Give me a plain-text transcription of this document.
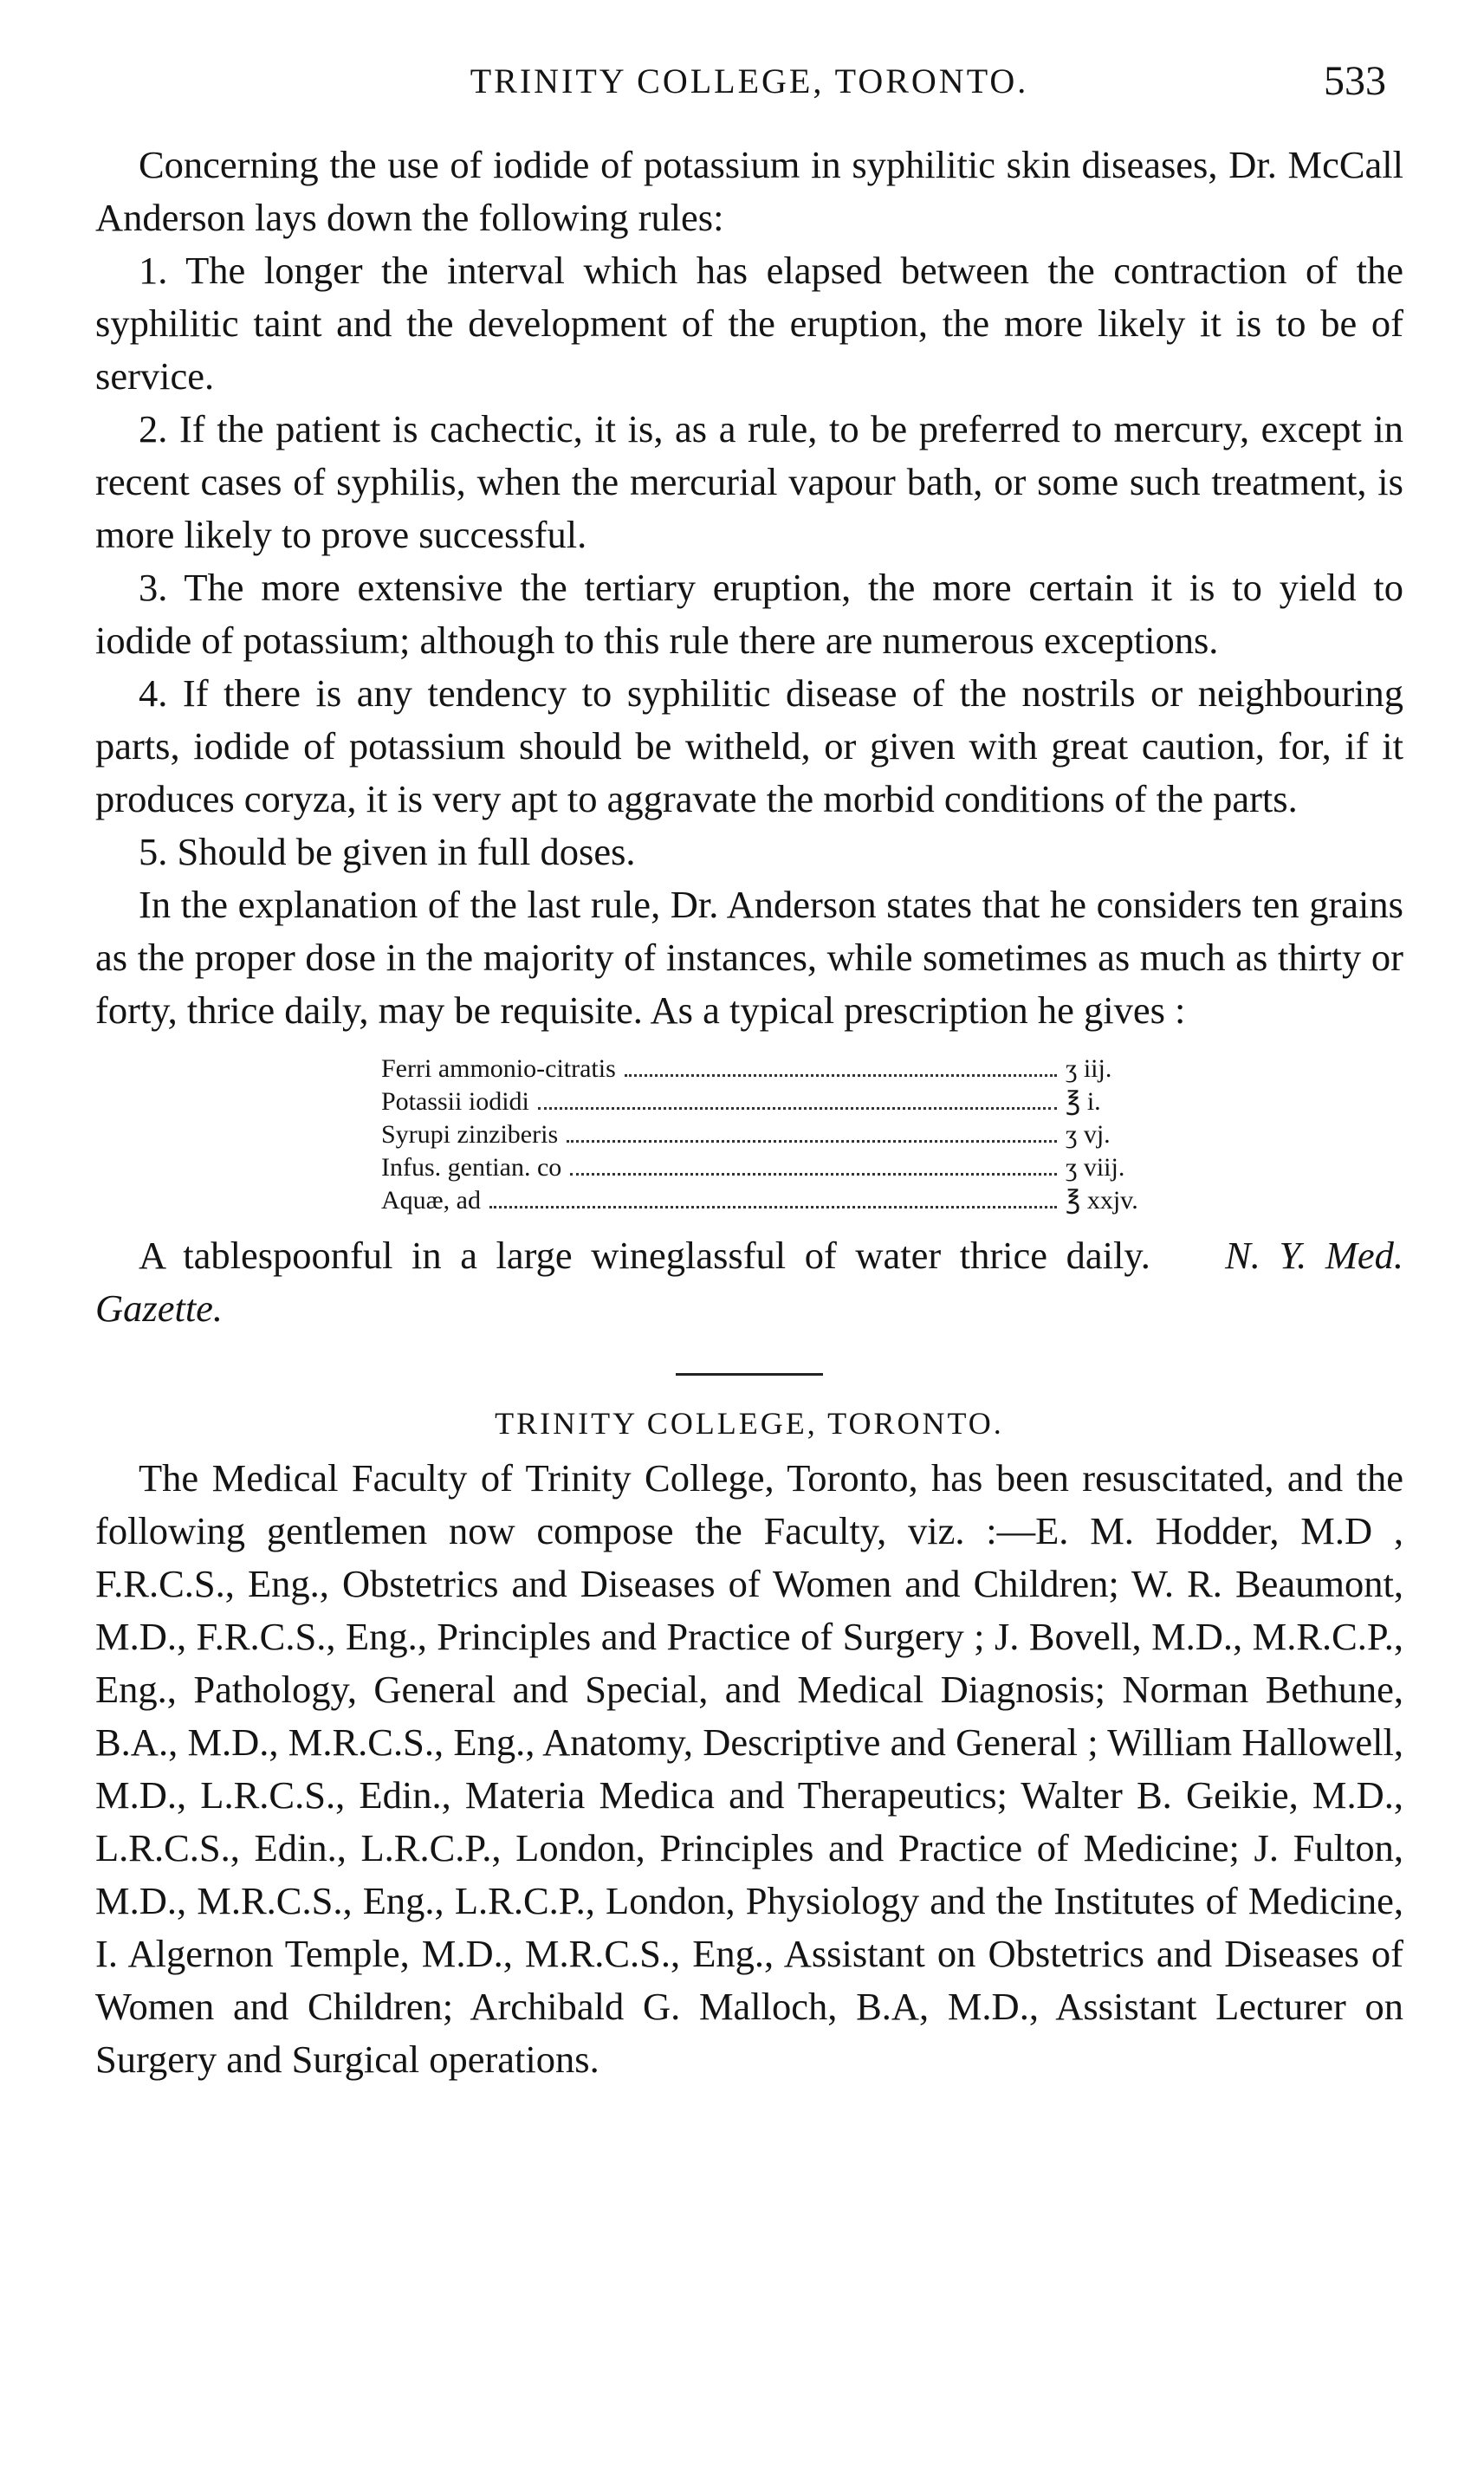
TRINITY COLLEGE, TORONTO.	533

Concerning the use of iodide of potassium in syphilitic skin diseases, Dr. McCall Anderson lays down the following rules:

1. The longer the interval which has elapsed between the contraction of the syphilitic taint and the development of the eruption, the more likely it is to be of service.

2. If the patient is cachectic, it is, as a rule, to be preferred to mercury, except in recent cases of syphilis, when the mercurial vapour bath, or some such treatment, is more likely to prove successful.

3. The more extensive the tertiary eruption, the more certain it is to yield to iodide of potassium; although to this rule there are numerous exceptions.

4. If there is any tendency to syphilitic disease of the nostrils or neighbouring parts, iodide of potassium should be witheld, or given with great caution, for, if it produces coryza, it is very apt to aggravate the morbid conditions of the parts.

5. Should be given in full doses.

In the explanation of the last rule, Dr. Anderson states that he considers ten grains as the proper dose in the majority of instances, while sometimes as much as thirty or forty, thrice daily, may be requisite. As a typical prescription he gives :

Ferri ammonio-citratis	ʒ iij.
Potassii iodidi	℥ i.
Syrupi zinziberis	ʒ vj.
Infus. gentian. co	ʒ viij.
Aquæ, ad	℥ xxjv.

A tablespoonful in a large wineglassful of water thrice daily. N. Y. Med. Gazette.

TRINITY COLLEGE, TORONTO.

The Medical Faculty of Trinity College, Toronto, has been resuscitated, and the following gentlemen now compose the Faculty, viz. :—E. M. Hodder, M.D , F.R.C.S., Eng., Obstetrics and Diseases of Women and Children; W. R. Beaumont, M.D., F.R.C.S., Eng., Principles and Practice of Surgery ; J. Bovell, M.D., M.R.C.P., Eng., Pathology, General and Special, and Medical Diagnosis; Norman Bethune, B.A., M.D., M.R.C.S., Eng., Anatomy, Descriptive and General ; William Hallowell, M.D., L.R.C.S., Edin., Materia Medica and Therapeutics; Walter B. Geikie, M.D., L.R.C.S., Edin., L.R.C.P., London, Principles and Practice of Medicine; J. Fulton, M.D., M.R.C.S., Eng., L.R.C.P., London, Physiology and the Institutes of Medicine, I. Algernon Temple, M.D., M.R.C.S., Eng., Assistant on Obstetrics and Diseases of Women and Children; Archibald G. Malloch, B.A, M.D., Assistant Lecturer on Surgery and Surgical operations.
